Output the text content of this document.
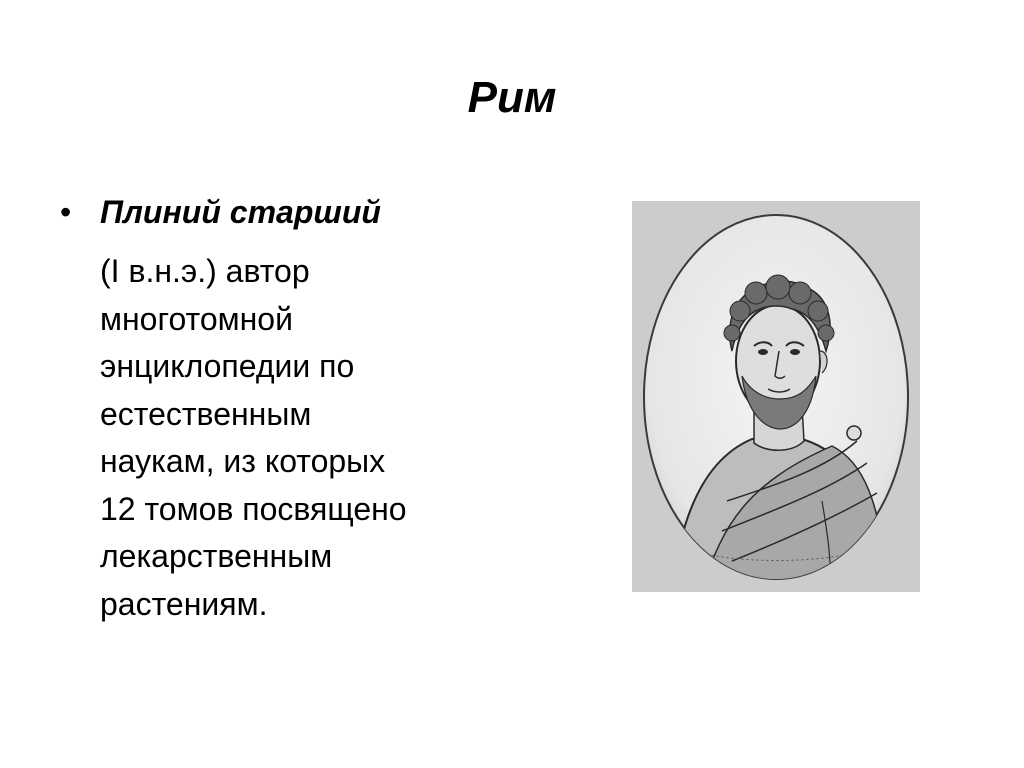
Рим
• Плиний старший
(I в.н.э.) автор
многотомной
энциклопедии по
естественным
наукам, из которых
12 томов посвящено
лекарственным
растениям.
